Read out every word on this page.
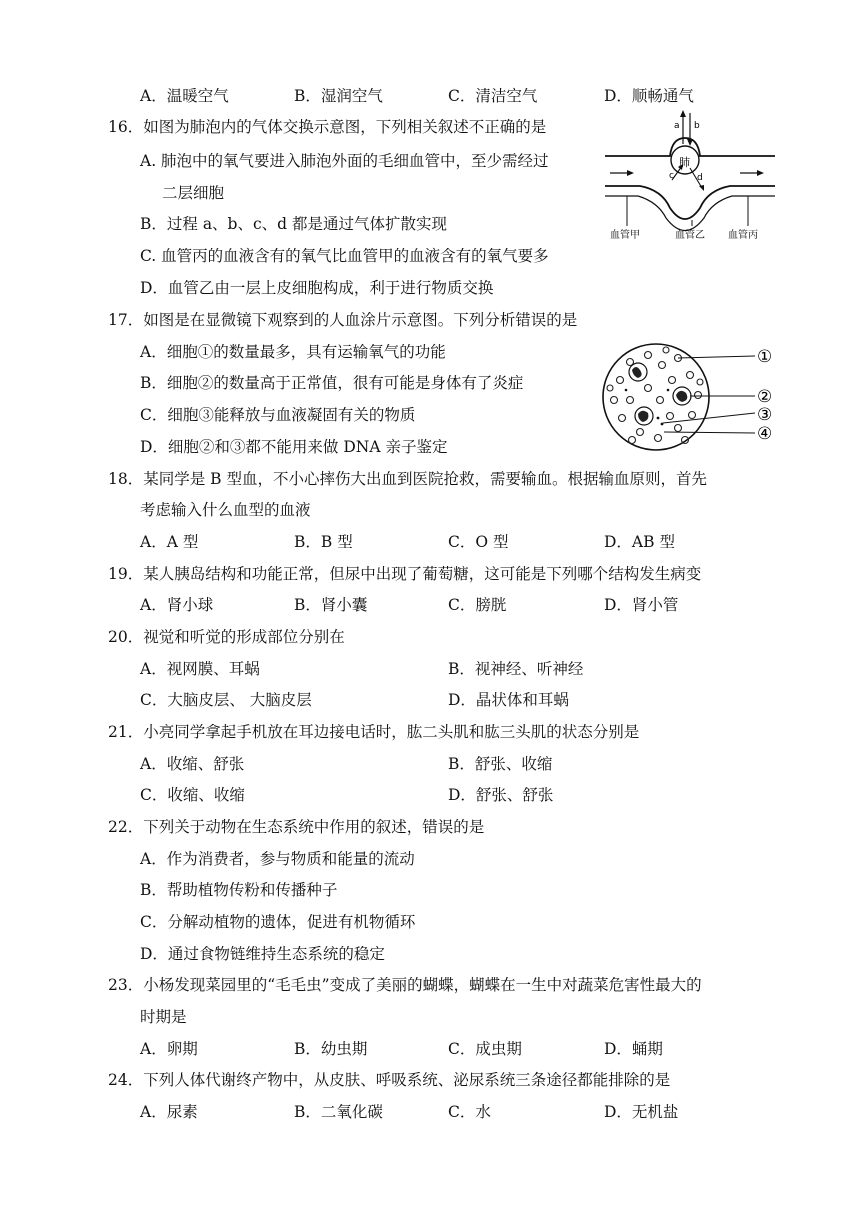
A．温暖空气	B．湿润空气	C．清洁空气	D．顺畅通气
16．如图为肺泡内的气体交换示意图，下列相关叙述不正确的是
A. 肺泡中的氧气要进入肺泡外面的毛细血管中，至少需经过
二层细胞
B．过程 a、b、c、d 都是通过气体扩散实现
C. 血管丙的血液含有的氧气比血管甲的血液含有的氧气要多
D．血管乙由一层上皮细胞构成，利于进行物质交换
肺
a b
c	d
血管甲	血管乙 血管丙
17．如图是在显微镜下观察到的人血涂片示意图。下列分析错误的是
A．细胞①的数量最多，具有运输氧气的功能
B．细胞②的数量高于正常值，很有可能是身体有了炎症
C．细胞③能释放与血液凝固有关的物质
D．细胞②和③都不能用来做 DNA 亲子鉴定
①
②
③
④
18．某同学是 B 型血，不小心摔伤大出血到医院抢救，需要输血。根据输血原则，首先
考虑输入什么血型的血液
A．A 型	B．B 型	C．O 型	D．AB 型
19．某人胰岛结构和功能正常，但尿中出现了葡萄糖，这可能是下列哪个结构发生病变
A．肾小球	B．肾小囊	C．膀胱	D．肾小管
20．视觉和听觉的形成部位分别在
A．视网膜、耳蜗	B．视神经、听神经
C．大脑皮层、 大脑皮层	D．晶状体和耳蜗
21．小亮同学拿起手机放在耳边接电话时，肱二头肌和肱三头肌的状态分别是
A．收缩、舒张	B．舒张、收缩
C．收缩、收缩	D．舒张、舒张
22．下列关于动物在生态系统中作用的叙述，错误的是
A．作为消费者，参与物质和能量的流动
B．帮助植物传粉和传播种子
C．分解动植物的遗体，促进有机物循环
D．通过食物链维持生态系统的稳定
23．小杨发现菜园里的“毛毛虫”变成了美丽的蝴蝶，蝴蝶在一生中对蔬菜危害性最大的
时期是
A．卵期	B．幼虫期	C．成虫期	D．蛹期
24．下列人体代谢终产物中，从皮肤、呼吸系统、泌尿系统三条途径都能排除的是
A．尿素	B．二氧化碳	C．水	D．无机盐
